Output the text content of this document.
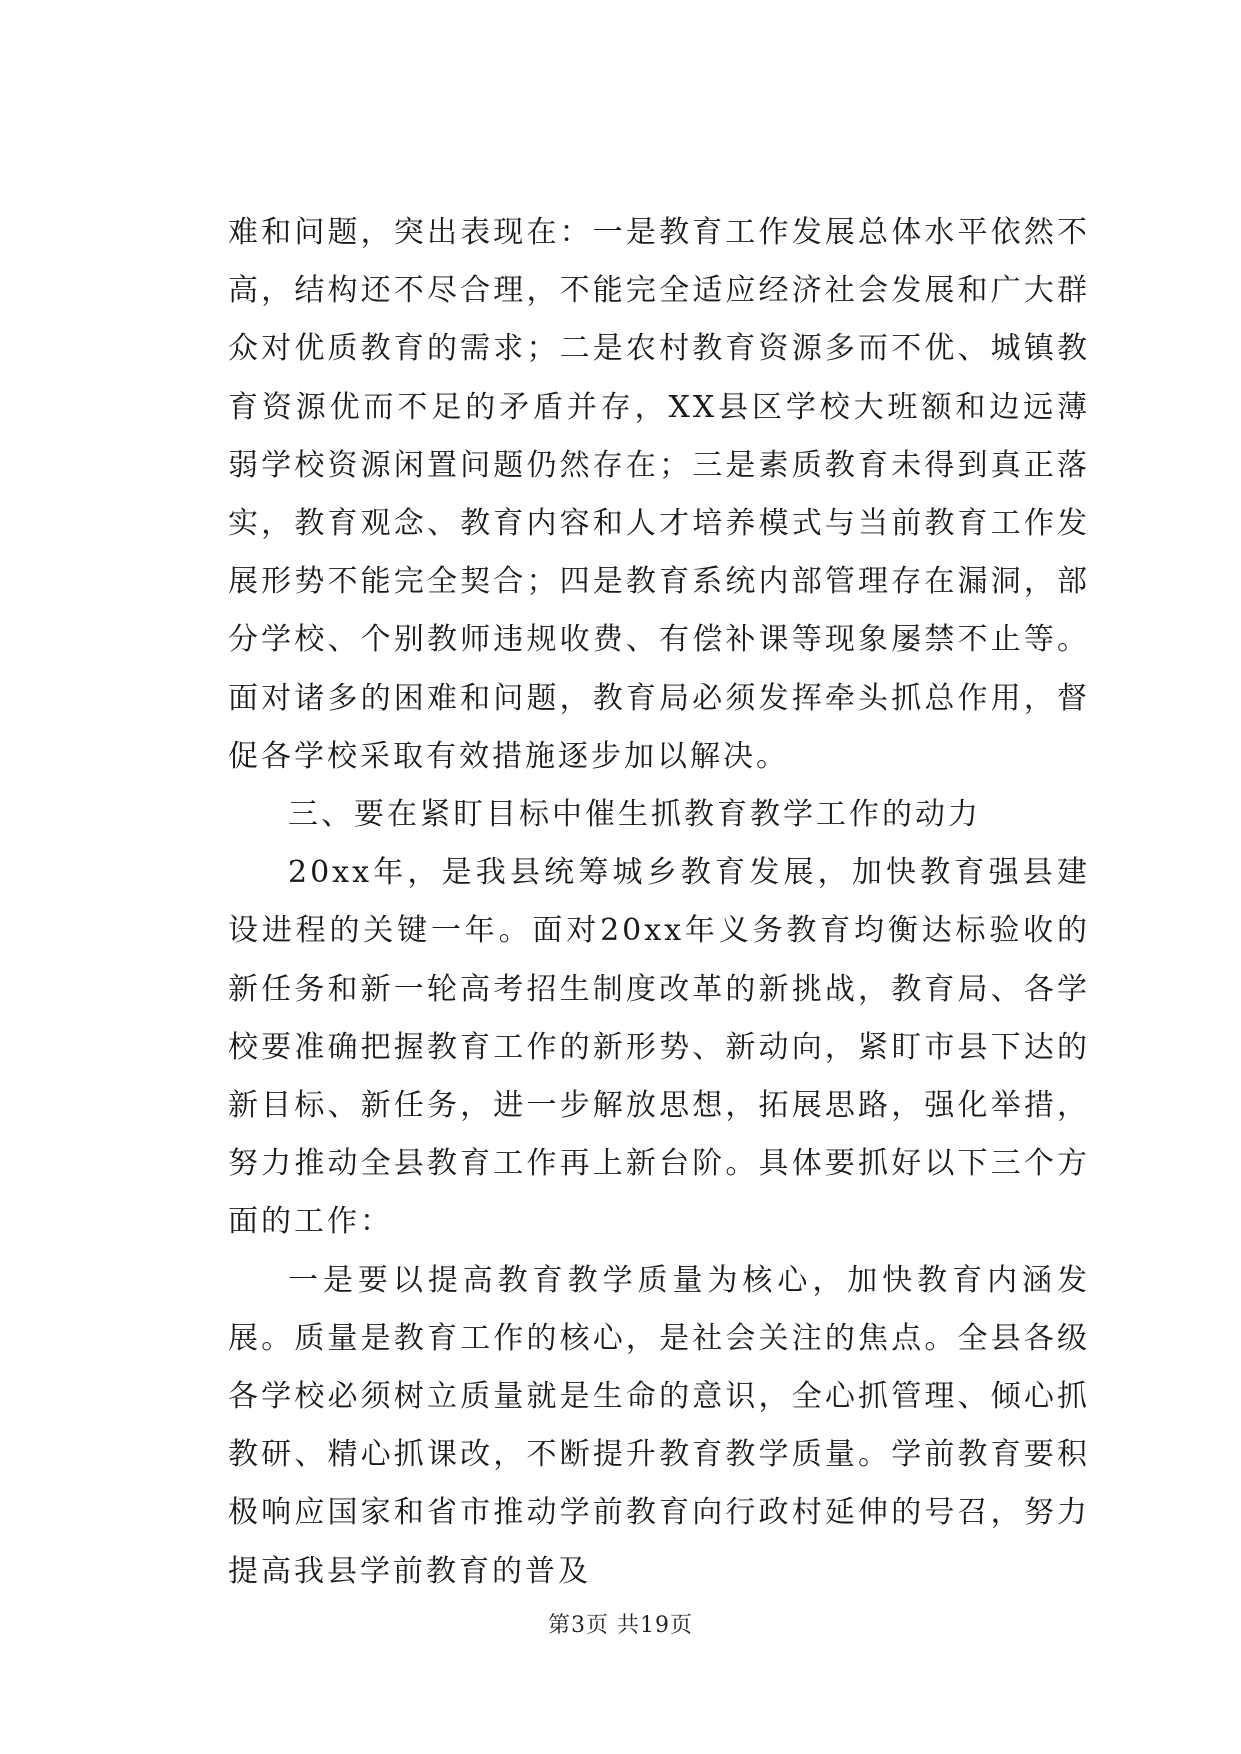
难和问题，突出表现在：一是教育工作发展总体水平依然不高，结构还不尽合理，不能完全适应经济社会发展和广大群众对优质教育的需求；二是农村教育资源多而不优、城镇教育资源优而不足的矛盾并存，XX县区学校大班额和边远薄弱学校资源闲置问题仍然存在；三是素质教育未得到真正落实，教育观念、教育内容和人才培养模式与当前教育工作发展形势不能完全契合；四是教育系统内部管理存在漏洞，部分学校、个别教师违规收费、有偿补课等现象屡禁不止等。面对诸多的困难和问题，教育局必须发挥牵头抓总作用，督促各学校采取有效措施逐步加以解决。

三、要在紧盯目标中催生抓教育教学工作的动力

20xx年，是我县统筹城乡教育发展，加快教育强县建设进程的关键一年。面对20xx年义务教育均衡达标验收的新任务和新一轮高考招生制度改革的新挑战，教育局、各学校要准确把握教育工作的新形势、新动向，紧盯市县下达的新目标、新任务，进一步解放思想，拓展思路，强化举措，努力推动全县教育工作再上新台阶。具体要抓好以下三个方面的工作：

一是要以提高教育教学质量为核心，加快教育内涵发展。质量是教育工作的核心，是社会关注的焦点。全县各级各学校必须树立质量就是生命的意识，全心抓管理、倾心抓教研、精心抓课改，不断提升教育教学质量。学前教育要积极响应国家和省市推动学前教育向行政村延伸的号召，努力提高我县学前教育的普及

第3页 共19页
